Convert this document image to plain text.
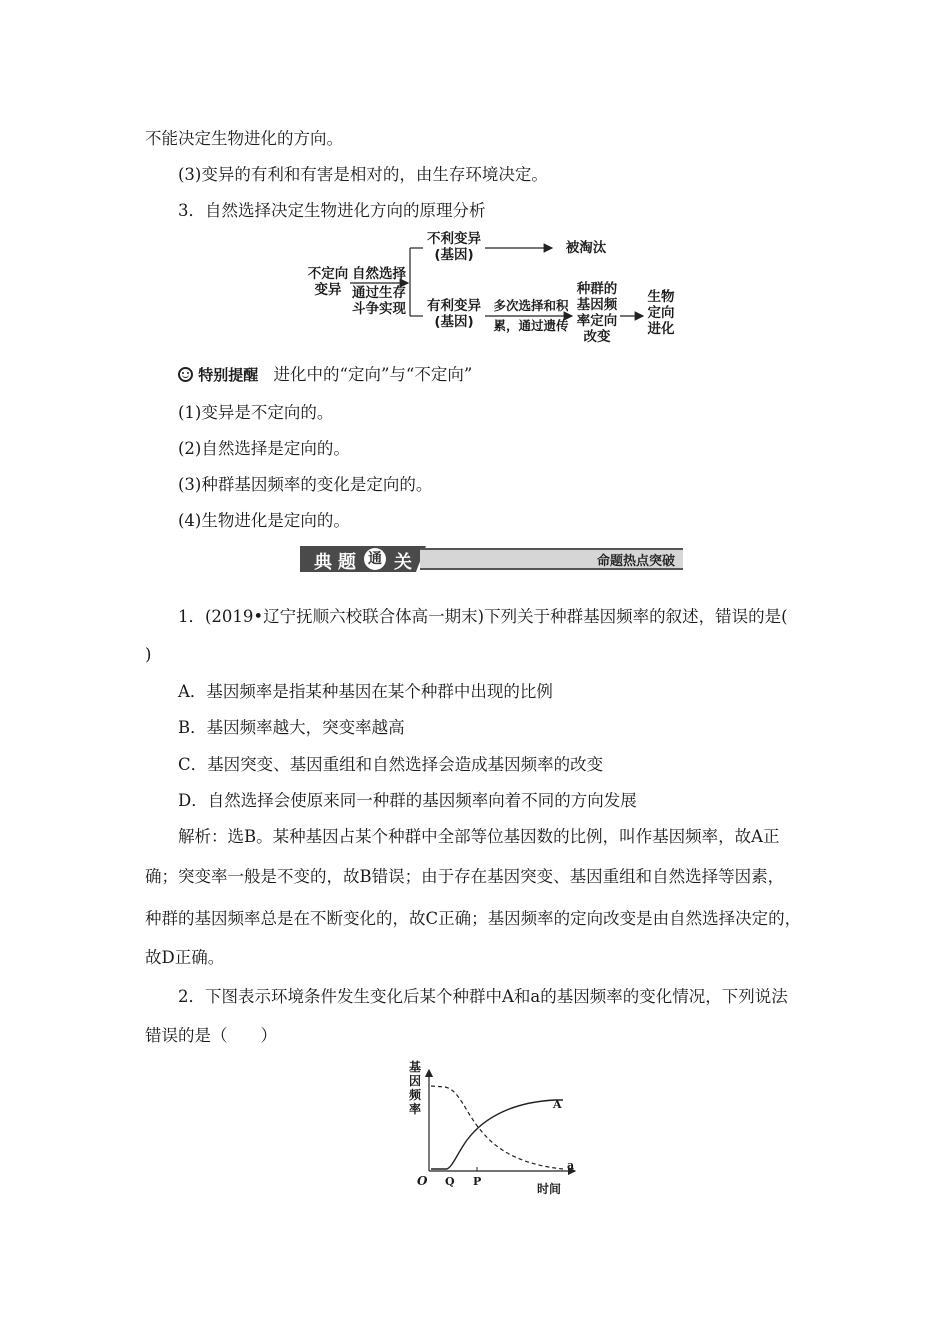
不能决定生物进化的方向。
(3)变异的有利和有害是相对的，由生存环境决定。
3．自然选择决定生物进化方向的原理分析
不定向
变异
自然选择
通过生存
斗争实现
不利变异
(基因)	被淘汰
有利变异
(基因)
多次选择和积
累，通过遗传
种群的
基因频
率定向
改变
生物
定向
进化
特别提醒 进化中的“定向”与“不定向”
(1)变异是不定向的。
(2)自然选择是定向的。
(3)种群基因频率的变化是定向的。
(4)生物进化是定向的。
典 题 通 关	命题热点突破
1．(2019•辽宁抚顺六校联合体高一期末)下列关于种群基因频率的叙述，错误的是(
)
A．基因频率是指某种基因在某个种群中出现的比例
B．基因频率越大，突变率越高
C．基因突变、基因重组和自然选择会造成基因频率的改变
D．自然选择会使原来同一种群的基因频率向着不同的方向发展
解析：选B。某种基因占某个种群中全部等位基因数的比例，叫作基因频率，故A正
确；突变率一般是不变的，故B错误；由于存在基因突变、基因重组和自然选择等因素，
种群的基因频率总是在不断变化的，故C正确；基因频率的定向改变是由自然选择决定的，
故D正确。
2．下图表示环境条件发生变化后某个种群中A和a的基因频率的变化情况，下列说法
错误的是（　　）
基
因
频
率
O Q P
时间
A
a
